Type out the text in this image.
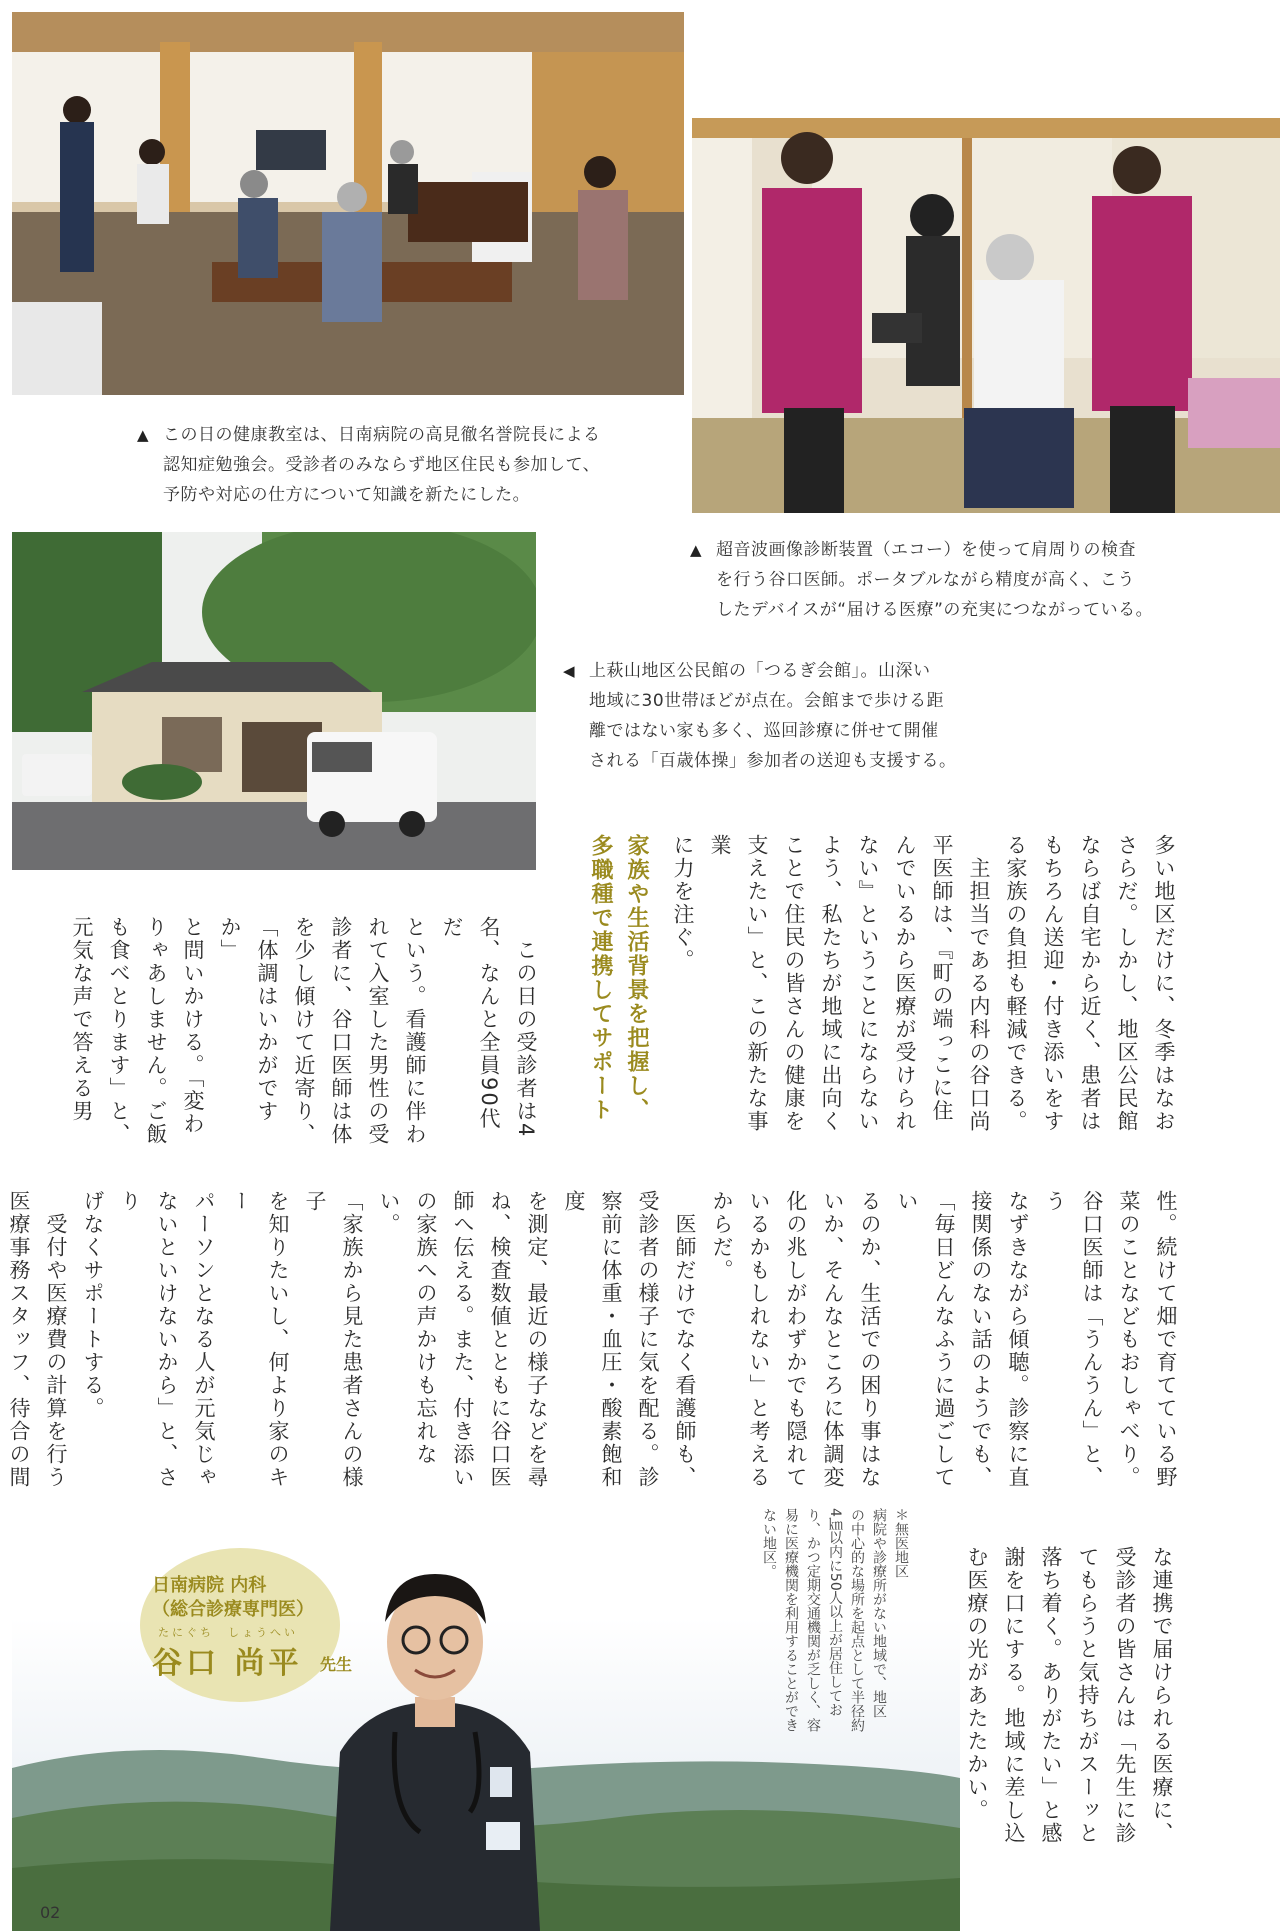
▲ この日の健康教室は、日南病院の高見徹名誉院長による

認知症勉強会。受診者のみならず地区住民も参加して、

予防や対応の仕方について知識を新たにした。

▲ 超音波画像診断装置（エコー）を使って肩周りの検査

を行う谷口医師。ポータブルながら精度が高く、こう

したデバイスが“届ける医療”の充実につながっている。

◀ 上萩山地区公民館の「つるぎ会館」。山深い

地域に30世帯ほどが点在。会館まで歩ける距

離ではない家も多く、巡回診療に併せて開催

される「百歳体操」参加者の送迎も支援する。

多い地区だけに、冬季はなお

さらだ。しかし、地区公民館

ならば自宅から近く、患者は

もちろん送迎・付き添いをす

る家族の負担も軽減できる。

　主担当である内科の谷口尚

平医師は、『町の端っこに住

んでいるから医療が受けられ

ない』ということにならない

よう、私たちが地域に出向く

ことで住民の皆さんの健康を

支えたい」と、この新たな事業

に力を注ぐ。

家族や生活背景を把握し、

多職種で連携してサポート

　この日の受診者は4

名、なんと全員90代だ

という。看護師に伴わ

れて入室した男性の受

診者に、谷口医師は体

を少し傾けて近寄り、

「体調はいかがですか」

と問いかける。「変わ

りゃあしません。ご飯

も食べとります」と、

元気な声で答える男

性。続けて畑で育てている野

菜のことなどもおしゃべり。

谷口医師は「うんうん」と、う

なずきながら傾聴。診察に直

接関係のない話のようでも、

「毎日どんなふうに過ごしてい

るのか、生活での困り事はな

いか、そんなところに体調変

化の兆しがわずかでも隠れて

いるかもしれない」と考える

からだ。

　医師だけでなく看護師も、

受診者の様子に気を配る。診

察前に体重・血圧・酸素飽和度

を測定、最近の様子などを尋

ね、検査数値とともに谷口医

師へ伝える。また、付き添い

の家族への声かけも忘れない。

「家族から見た患者さんの様子

を知りたいし、何より家のキー

パーソンとなる人が元気じゃ

ないといけないから」と、さり

げなくサポートする。

　受付や医療費の計算を行う

医療事務スタッフ、待合の間

日南病院 内科

（総合診療専門医）

たにぐち　しょうへい
谷口 尚平 先生

＊無医地区

病院や診療所がない地域で、地区

の中心的な場所を起点として半径約

4㎞以内に50人以上が居住してお

り、かつ定期交通機関が乏しく、容

易に医療機関を利用することができ

ない地区。

な連携で届けられる医療に、

受診者の皆さんは「先生に診

てもらうと気持ちがスーッと

落ち着く。ありがたい」と感

謝を口にする。地域に差し込

む医療の光があたたかい。

02
